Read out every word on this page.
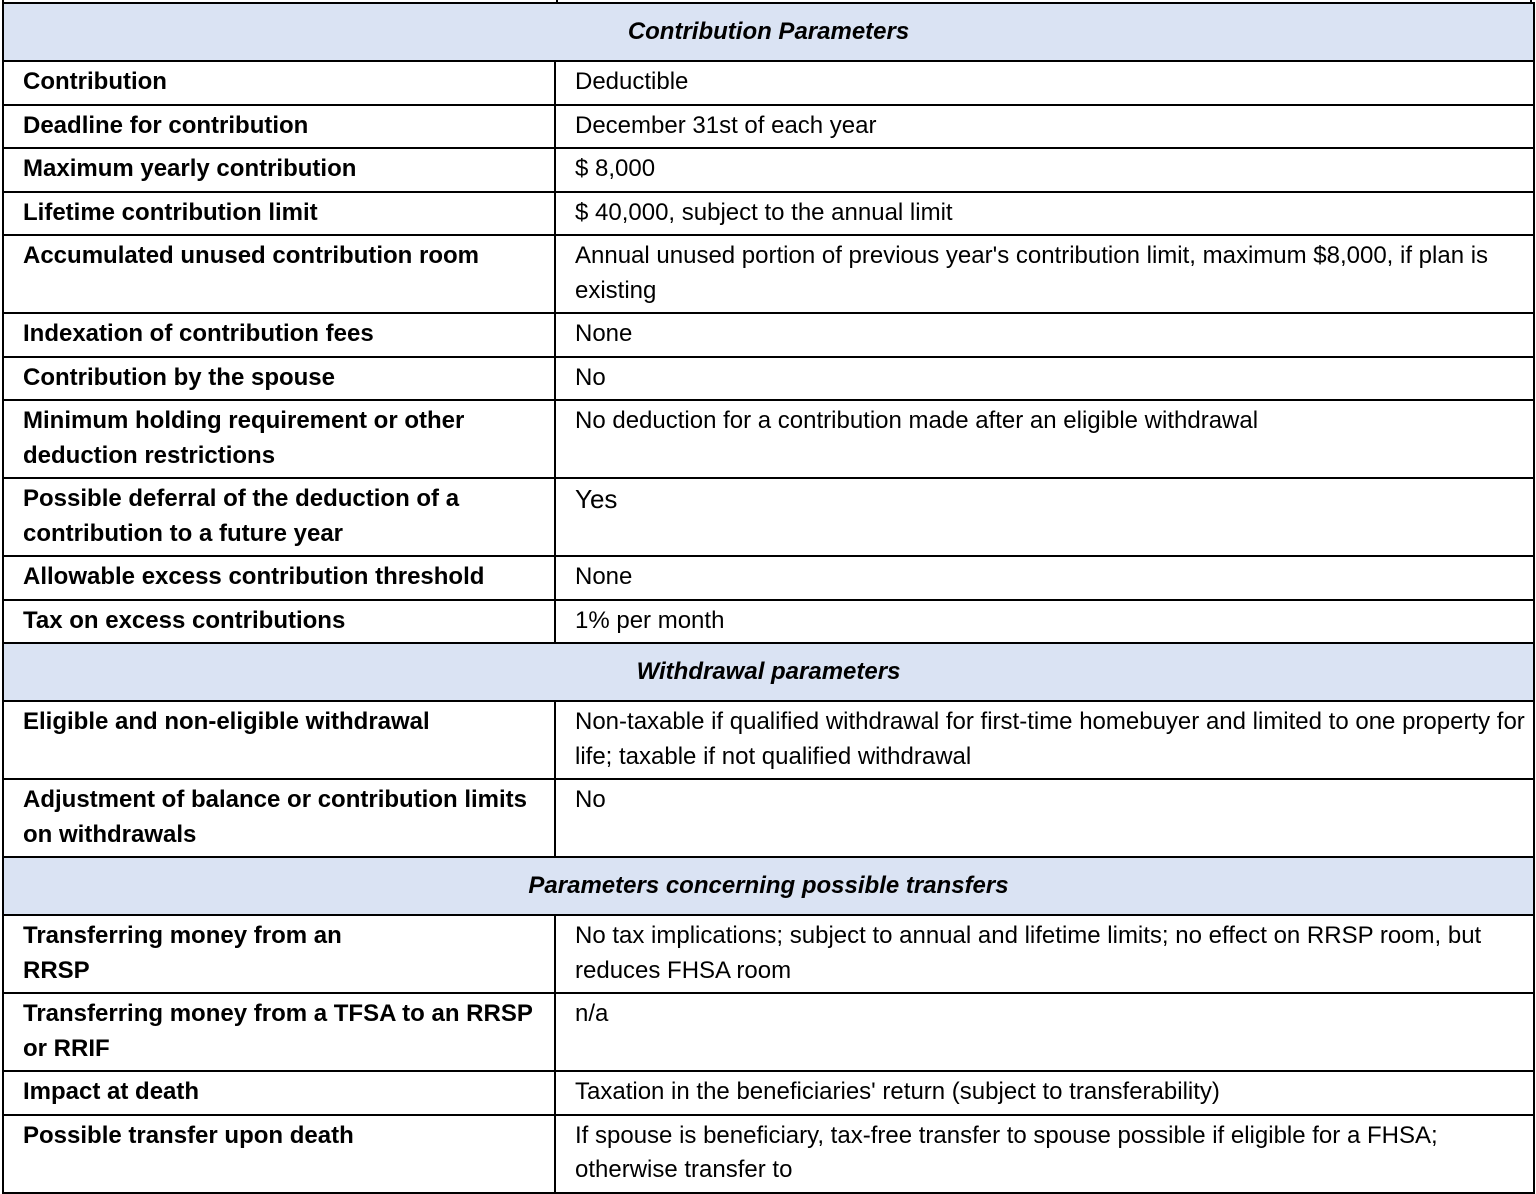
Contribution Parameters	
Contribution	Deductible
Deadline for contribution	December 31st of each year
Maximum yearly contribution	$ 8,000
Lifetime contribution limit	$ 40,000, subject to the annual limit
Accumulated unused contribution room	Annual unused portion of previous year's contribution limit, maximum $8,000, if plan is existing
Indexation of contribution fees	None
Contribution by the spouse	No
Minimum holding requirement or other deduction restrictions	No deduction for a contribution made after an eligible withdrawal
Possible deferral of the deduction of a contribution to a future year	Yes
Allowable excess contribution threshold	None
Tax on excess contributions	1% per month
Withdrawal parameters	
Eligible and non-eligible withdrawal	Non-taxable if qualified withdrawal for first-time homebuyer and limited to one property for life; taxable if not qualified withdrawal
Adjustment of balance or contribution limits on withdrawals	No
Parameters concerning possible transfers	
Transferring money from an RRSP	No tax implications; subject to annual and lifetime limits; no effect on RRSP room, but reduces FHSA room
Transferring money from a TFSA to an RRSP or RRIF	n/a
Impact at death	Taxation in the beneficiaries' return (subject to transferability)
Possible transfer upon death	If spouse is beneficiary, tax-free transfer to spouse possible if eligible for a FHSA; otherwise transfer to
